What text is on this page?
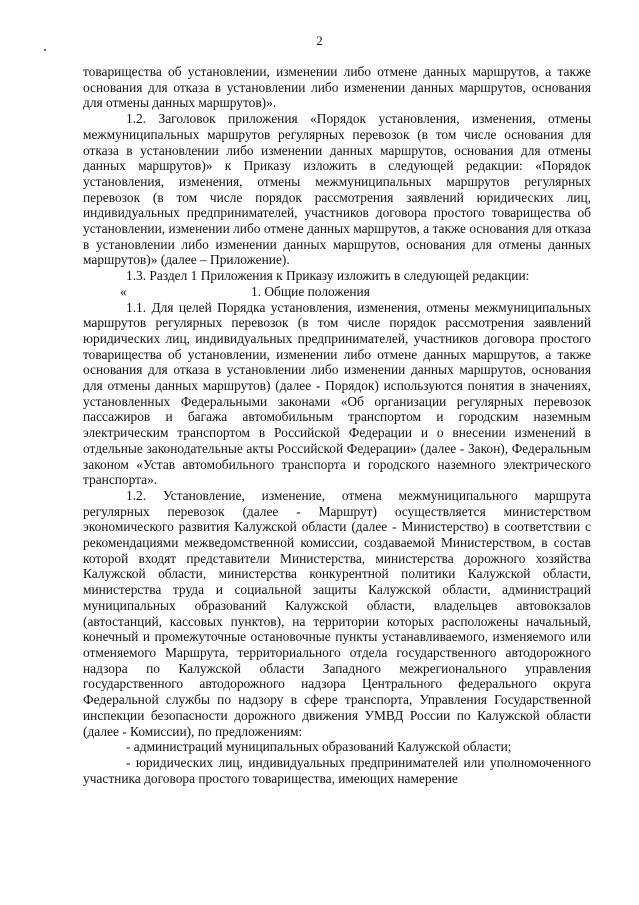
2

товарищества об установлении, изменении либо отмене данных маршрутов, а также основания для отказа в установлении либо изменении данных маршрутов, основания для отмены данных маршрутов)».

1.2. Заголовок приложения «Порядок установления, изменения, отмены межмуниципальных маршрутов регулярных перевозок (в том числе основания для отказа в установлении либо изменении данных маршрутов, основания для отмены данных маршрутов)» к Приказу изложить в следующей редакции: «Порядок установления, изменения, отмены межмуниципальных маршрутов регулярных перевозок (в том числе порядок рассмотрения заявлений юридических лиц, индивидуальных предпринимателей, участников договора простого товарищества об установлении, изменении либо отмене данных маршрутов, а также основания для отказа в установлении либо изменении данных маршрутов, основания для отмены данных маршрутов)» (далее – Приложение).

1.3. Раздел 1 Приложения к Приказу изложить в следующей редакции:

«	1. Общие положения

1.1. Для целей Порядка установления, изменения, отмены межмуниципальных маршрутов регулярных перевозок (в том числе порядок рассмотрения заявлений юридических лиц, индивидуальных предпринимателей, участников договора простого товарищества об установлении, изменении либо отмене данных маршрутов, а также основания для отказа в установлении либо изменении данных маршрутов, основания для отмены данных маршрутов) (далее - Порядок) используются понятия в значениях, установленных Федеральными законами «Об организации регулярных перевозок пассажиров и багажа автомобильным транспортом и городским наземным электрическим транспортом в Российской Федерации и о внесении изменений в отдельные законодательные акты Российской Федерации» (далее - Закон), Федеральным законом «Устав автомобильного транспорта и городского наземного электрического транспорта».

1.2. Установление, изменение, отмена межмуниципального маршрута регулярных перевозок (далее - Маршрут) осуществляется министерством экономического развития Калужской области (далее - Министерство) в соответствии с рекомендациями межведомственной комиссии, создаваемой Министерством, в состав которой входят представители Министерства, министерства дорожного хозяйства Калужской области, министерства конкурентной политики Калужской области, министерства труда и социальной защиты Калужской области, администраций муниципальных образований Калужской области, владельцев автовокзалов (автостанций, кассовых пунктов), на территории которых расположены начальный, конечный и промежуточные остановочные пункты устанавливаемого, изменяемого или отменяемого Маршрута, территориального отдела государственного автодорожного надзора по Калужской области Западного межрегионального управления государственного автодорожного надзора Центрального федерального округа Федеральной службы по надзору в сфере транспорта, Управления Государственной инспекции безопасности дорожного движения УМВД России по Калужской области (далее - Комиссии), по предложениям:

- администраций муниципальных образований Калужской области;

- юридических лиц, индивидуальных предпринимателей или уполномоченного участника договора простого товарищества, имеющих намерение
